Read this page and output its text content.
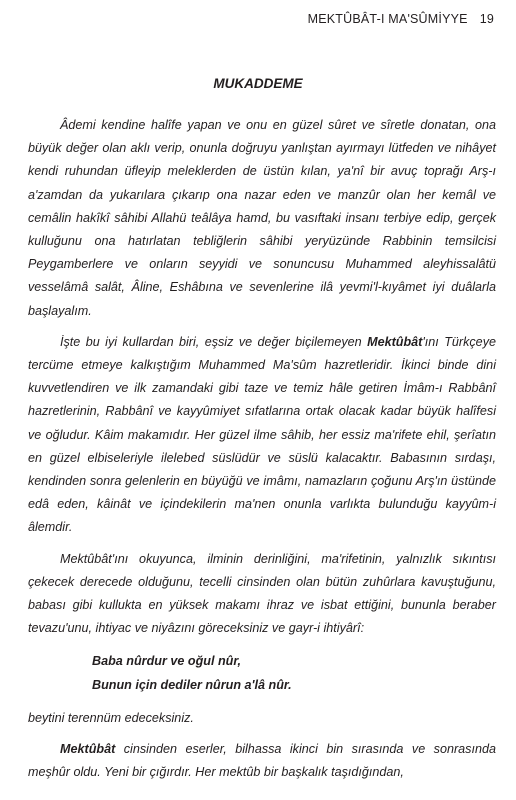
MEKTÛBÂT-I MA'SÛMİYYE 19
MUKADDEME

Âdemi kendine halîfe yapan ve onu en güzel sûret ve sîretle donatan, ona büyük değer olan aklı verip, onunla doğruyu yanlıştan ayırmayı lütfeden ve nihâyet kendi ruhundan üfleyip meleklerden de üstün kılan, ya'nî bir avuç toprağı Arş-ı a'zamdan da yukarılara çıkarıp ona nazar eden ve manzûr olan her kemâl ve cemâlin hakîkî sâhibi Allahü teâlâya hamd, bu vasıftaki insanı terbiye edip, gerçek kulluğunu ona hatırlatan tebliğlerin sâhibi yeryüzünde Rabbinin temsilcisi Peygamberlere ve onların seyyidi ve sonuncusu Muhammed aleyhissalâtü vesselâmâ salât, Âline, Eshâbına ve sevenlerine ilâ yevmi'l-kıyâmet iyi duâlarla başlayalım.

İşte bu iyi kullardan biri, eşsiz ve değer biçilemeyen Mektûbât'ını Türkçeye tercüme etmeye kalkıştığım Muhammed Ma'sûm hazretleridir. İkinci binde dini kuvvetlendiren ve ilk zamandaki gibi taze ve temiz hâle getiren İmâm-ı Rabbânî hazretlerinin, Rabbânî ve kayyûmiyet sıfatlarına ortak olacak kadar büyük halîfesi ve oğludur. Kâim makamıdır. Her güzel ilme sâhib, her essiz ma'rifete ehil, şerîatın en güzel elbiseleriyle ilelebed süslüdür ve süslü kalacaktır. Babasının sırdaşı, kendinden sonra gelenlerin en büyüğü ve imâmı, namazların çoğunu Arş'ın üstünde edâ eden, kâinât ve içindekilerin ma'nen onunla varlıkta bulunduğu kayyûm-i âlemdir.

Mektûbât'ını okuyunca, ilminin derinliğini, ma'rifetinin, yalnızlık sıkıntısı çekecek derecede olduğunu, tecelli cinsinden olan bütün zuhûrlara kavuştuğunu, babası gibi kullukta en yüksek makamı ihraz ve isbat ettiğini, bununla beraber tevazu'unu, ihtiyac ve niyâzını göreceksiniz ve gayr-i ihtiyârî:

Baba nûrdur ve oğul nûr,
Bunun için dediler nûrun a'lâ nûr.

beytini terennüm edeceksiniz.

Mektûbât cinsinden eserler, bilhassa ikinci bin sırasında ve sonrasında meşhûr oldu. Yeni bir çığırdır. Her mektûb bir başkalık taşıdığından,
